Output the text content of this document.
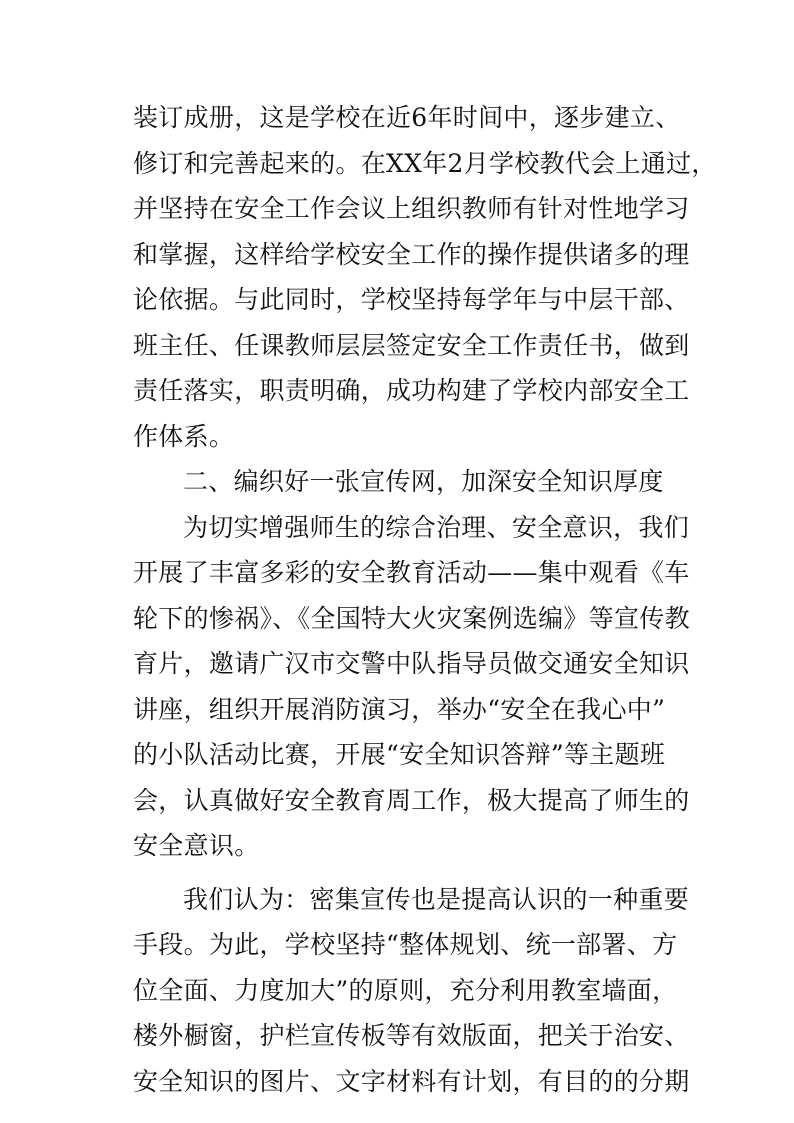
装订成册，这是学校在近6年时间中，逐步建立、
修订和完善起来的。在XX年2月学校教代会上通过，
并坚持在安全工作会议上组织教师有针对性地学习
和掌握，这样给学校安全工作的操作提供诸多的理
论依据。与此同时，学校坚持每学年与中层干部、
班主任、任课教师层层签定安全工作责任书，做到
责任落实，职责明确，成功构建了学校内部安全工
作体系。
二、编织好一张宣传网，加深安全知识厚度
为切实增强师生的综合治理、安全意识，我们
开展了丰富多彩的安全教育活动——集中观看《车
轮下的惨祸》、《全国特大火灾案例选编》等宣传教
育片，邀请广汉市交警中队指导员做交通安全知识
讲座，组织开展消防演习，举办“安全在我心中”
的小队活动比赛，开展“安全知识答辩”等主题班
会，认真做好安全教育周工作，极大提高了师生的
安全意识。
我们认为：密集宣传也是提高认识的一种重要
手段。为此，学校坚持“整体规划、统一部署、方
位全面、力度加大”的原则，充分利用教室墙面，
楼外橱窗，护栏宣传板等有效版面，把关于治安、
安全知识的图片、文字材料有计划，有目的的分期
